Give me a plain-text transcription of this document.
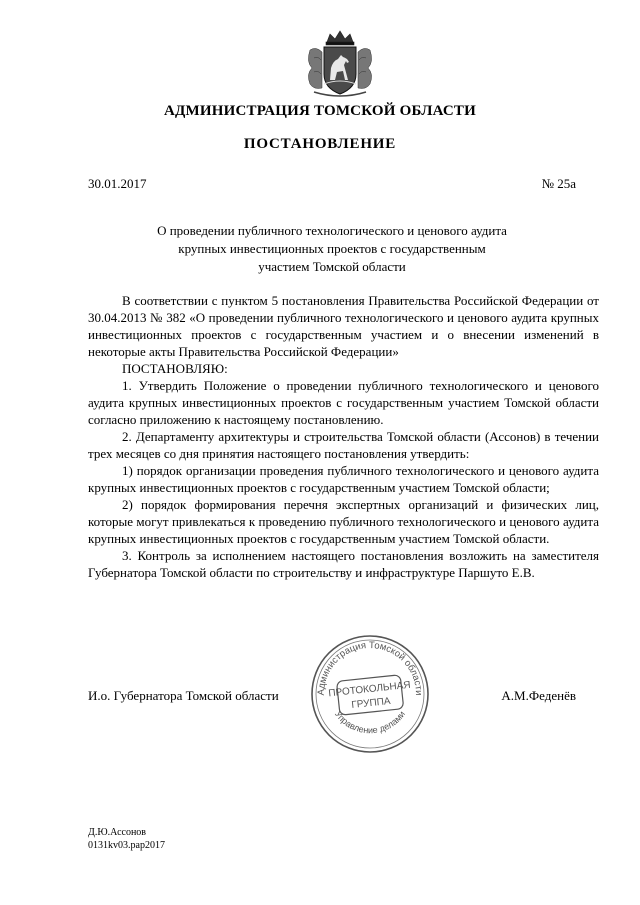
АДМИНИСТРАЦИЯ ТОМСКОЙ ОБЛАСТИ
ПОСТАНОВЛЕНИЕ
30.01.2017	№ 25а
О проведении публичного технологического и ценового аудита
крупных инвестиционных проектов с государственным
участием Томской области

В соответствии с пунктом 5 постановления Правительства Российской Федерации от 30.04.2013 № 382 «О проведении публичного технологического и ценового аудита крупных инвестиционных проектов с государственным участием и о внесении изменений в некоторые акты Правительства Российской Федерации»

ПОСТАНОВЛЯЮ:

1. Утвердить Положение о проведении публичного технологического и ценового аудита крупных инвестиционных проектов с государственным участием Томской области согласно приложению к настоящему постановлению.

2. Департаменту архитектуры и строительства Томской области (Ассонов) в течении трех месяцев со дня принятия настоящего постановления утвердить:

1) порядок организации проведения публичного технологического и ценового аудита крупных инвестиционных проектов с государственным участием Томской области;

2) порядок формирования перечня экспертных организаций и физических лиц, которые могут привлекаться к проведению публичного технологического и ценового аудита крупных инвестиционных проектов с государственным участием Томской области.

3. Контроль за исполнением настоящего постановления возложить на заместителя Губернатора Томской области по строительству и инфраструктуре Паршуто Е.В.

И.о. Губернатора Томской области	А.М.Феденёв
Администрация Томской области
Управление делами
ПРОТОКОЛЬНАЯ
ГРУППА
Д.Ю.Ассонов
0131kv03.pap2017
